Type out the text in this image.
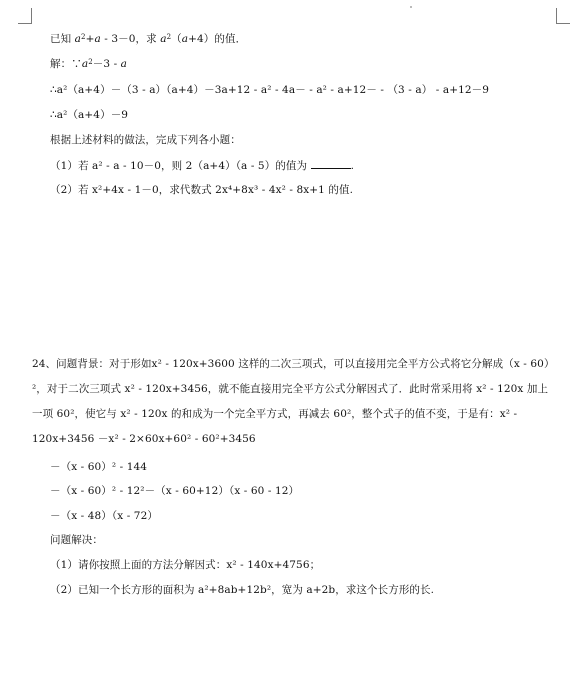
已知 $a^2+a - 3-0$，求 $a^2(a+4)$的值．
解：$\because a^2-3 - a$
∴a²（a+4）－（3 - a）（a+4）－3a+12 - a² - 4a－ - a² - a+12－ - （3 - a） - a+12－9
∴a²（a+4）－9
根据上述材料的做法，完成下列各小题：
（1）若 a² - a - 10－0，则 2（a+4）（a - 5）的值为	.
（2）若 x²+4x - 1－0，求代数式 2x⁴+8x³ - 4x² - 8x+1 的值.
24、问题背景：对于形如x² - 120x+3600 这样的二次三项式，可以直接用完全平方公式将它分解成（x - 60）²，对于二次三项式 x² - 120x+3456，就不能直接用完全平方公式分解因式了．此时常采用将 x² - 120x 加上一项 60²，使它与 x² - 120x 的和成为一个完全平方式，再减去 60²，整个式子的值不变，于是有：x² - 120x+3456 －x² - 2×60x+60² - 60²+3456
－（x - 60）² - 144
－（x - 60）² - 12²－（x - 60+12）（x - 60 - 12）
－（x - 48）（x - 72）
问题解决：
（1）请你按照上面的方法分解因式：x² - 140x+4756；
（2）已知一个长方形的面积为 a²+8ab+12b²，宽为 a+2b，求这个长方形的长.
